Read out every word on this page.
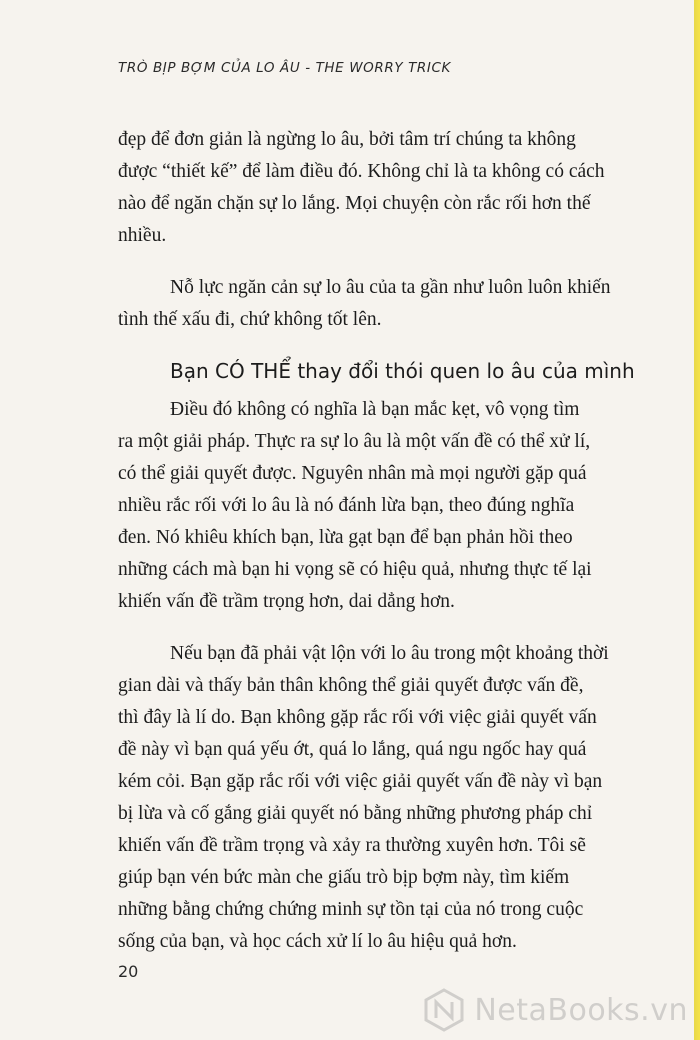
TRÒ BỊP BỢM CỦA LO ÂU - THE WORRY TRICK

đẹp để đơn giản là ngừng lo âu, bởi tâm trí chúng ta không

được “thiết kế” để làm điều đó. Không chỉ là ta không có cách

nào để ngăn chặn sự lo lắng. Mọi chuyện còn rắc rối hơn thế

nhiều.

Nỗ lực ngăn cản sự lo âu của ta gần như luôn luôn khiến

tình thế xấu đi, chứ không tốt lên.

Bạn CÓ THỂ thay đổi thói quen lo âu của mình

Điều đó không có nghĩa là bạn mắc kẹt, vô vọng tìm

ra một giải pháp. Thực ra sự lo âu là một vấn đề có thể xử lí,

có thể giải quyết được. Nguyên nhân mà mọi người gặp quá

nhiều rắc rối với lo âu là nó đánh lừa bạn, theo đúng nghĩa

đen. Nó khiêu khích bạn, lừa gạt bạn để bạn phản hồi theo

những cách mà bạn hi vọng sẽ có hiệu quả, nhưng thực tế lại

khiến vấn đề trầm trọng hơn, dai dẳng hơn.

Nếu bạn đã phải vật lộn với lo âu trong một khoảng thời

gian dài và thấy bản thân không thể giải quyết được vấn đề,

thì đây là lí do. Bạn không gặp rắc rối với việc giải quyết vấn

đề này vì bạn quá yếu ớt, quá lo lắng, quá ngu ngốc hay quá

kém cỏi. Bạn gặp rắc rối với việc giải quyết vấn đề này vì bạn

bị lừa và cố gắng giải quyết nó bằng những phương pháp chỉ

khiến vấn đề trầm trọng và xảy ra thường xuyên hơn. Tôi sẽ

giúp bạn vén bức màn che giấu trò bịp bợm này, tìm kiếm

những bằng chứng chứng minh sự tồn tại của nó trong cuộc

sống của bạn, và học cách xử lí lo âu hiệu quả hơn.

20
NetaBooks.vn
